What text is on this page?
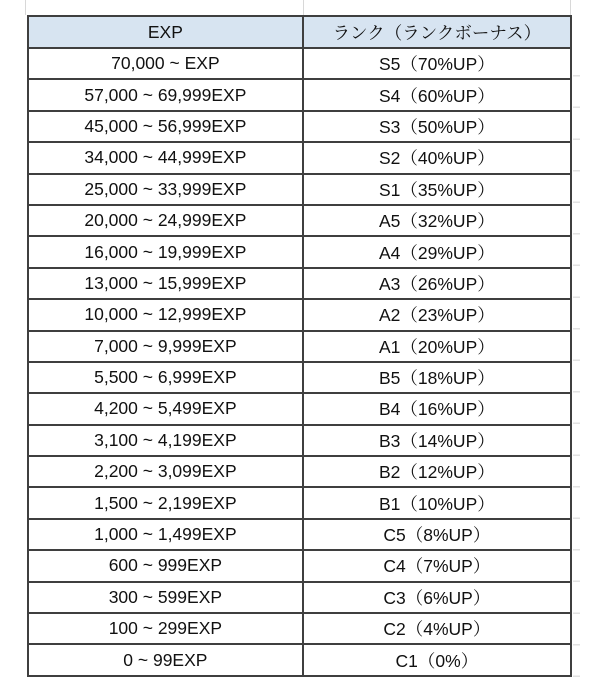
EXP	ランク（ランクボーナス）
70,000 ~ EXP	S5（70%UP）
57,000 ~ 69,999EXP	S4（60%UP）
45,000 ~ 56,999EXP	S3（50%UP）
34,000 ~ 44,999EXP	S2（40%UP）
25,000 ~ 33,999EXP	S1（35%UP）
20,000 ~ 24,999EXP	A5（32%UP）
16,000 ~ 19,999EXP	A4（29%UP）
13,000 ~ 15,999EXP	A3（26%UP）
10,000 ~ 12,999EXP	A2（23%UP）
7,000 ~ 9,999EXP	A1（20%UP）
5,500 ~ 6,999EXP	B5（18%UP）
4,200 ~ 5,499EXP	B4（16%UP）
3,100 ~ 4,199EXP	B3（14%UP）
2,200 ~ 3,099EXP	B2（12%UP）
1,500 ~ 2,199EXP	B1（10%UP）
1,000 ~ 1,499EXP	C5（8%UP）
600 ~ 999EXP	C4（7%UP）
300 ~ 599EXP	C3（6%UP）
100 ~ 299EXP	C2（4%UP）
0 ~ 99EXP	C1（0%）
